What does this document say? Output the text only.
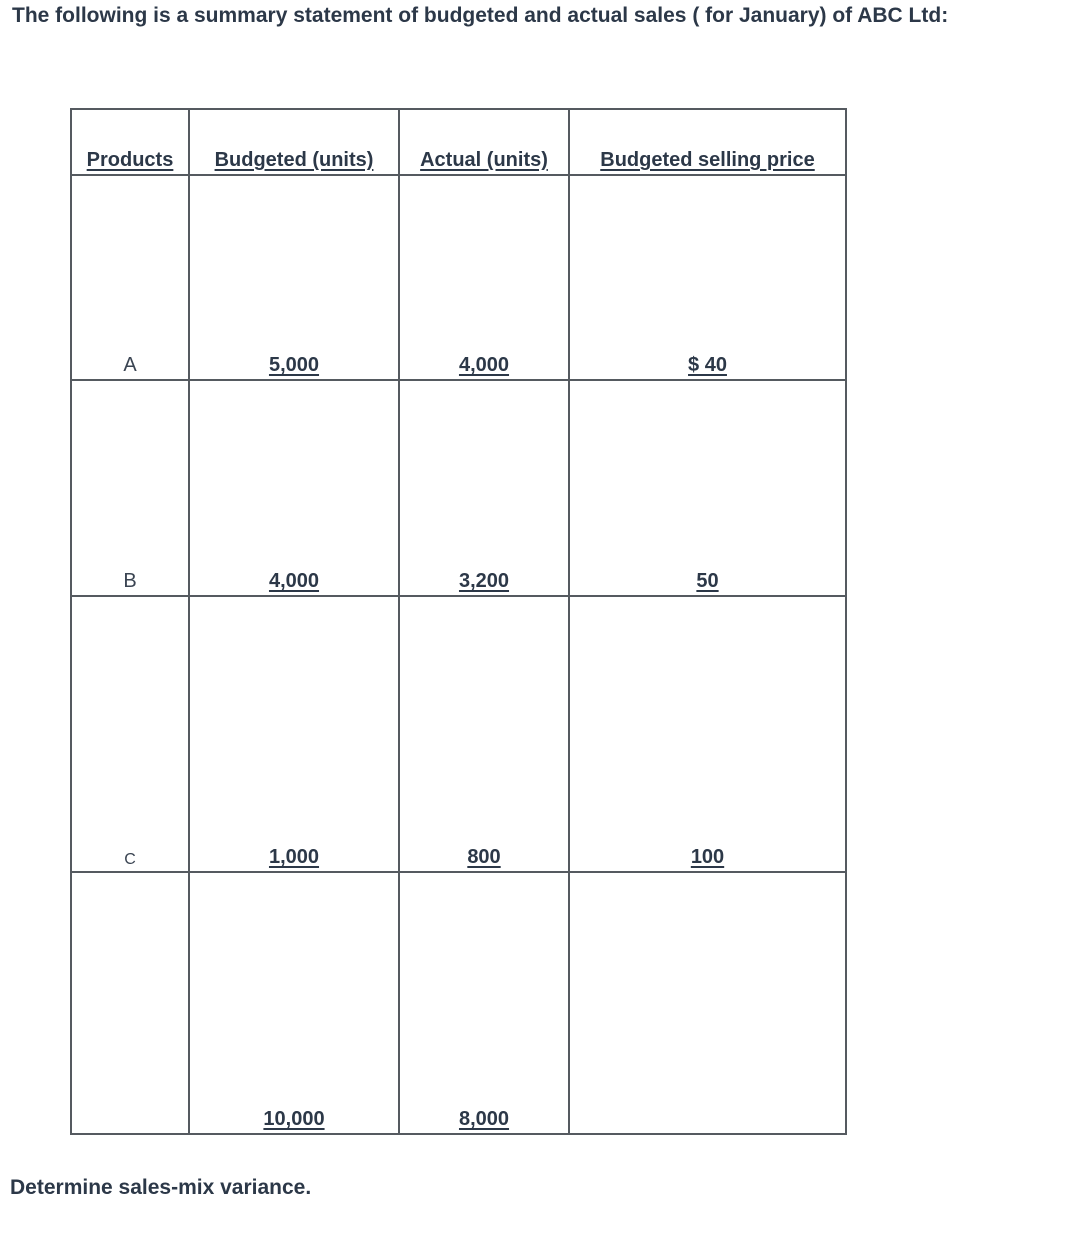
The following is a summary statement of budgeted and actual sales ( for January) of ABC Ltd:

Products	Budgeted (units)	Actual (units)	Budgeted selling price
A	5,000	4,000	$ 40
B	4,000	3,200	50
C	1,000	800	100
	10,000	8,000	

Determine sales-mix variance.
